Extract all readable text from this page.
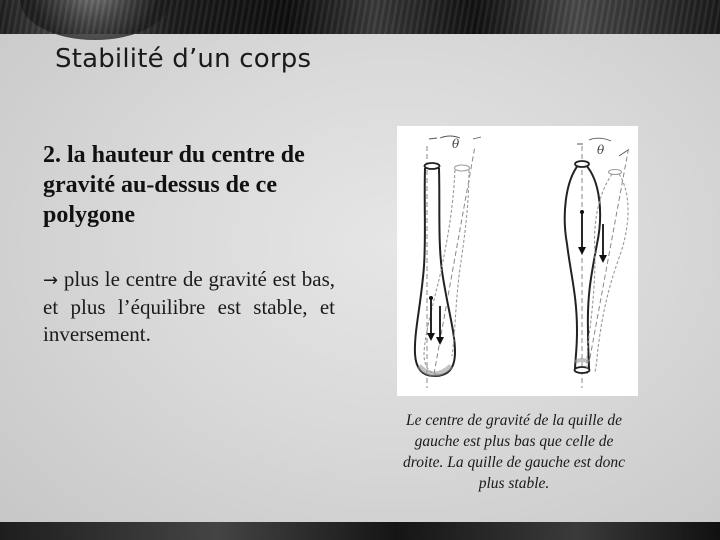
Stabilité d’un corps

2. la hauteur du centre de gravité au-dessus de ce polygone

→ plus le centre de gravité est bas, et plus l’équilibre est stable, et inversement.

θ	θ

Le centre de gravité de la quille de gauche est plus bas que celle de droite. La quille de gauche est donc plus stable.
